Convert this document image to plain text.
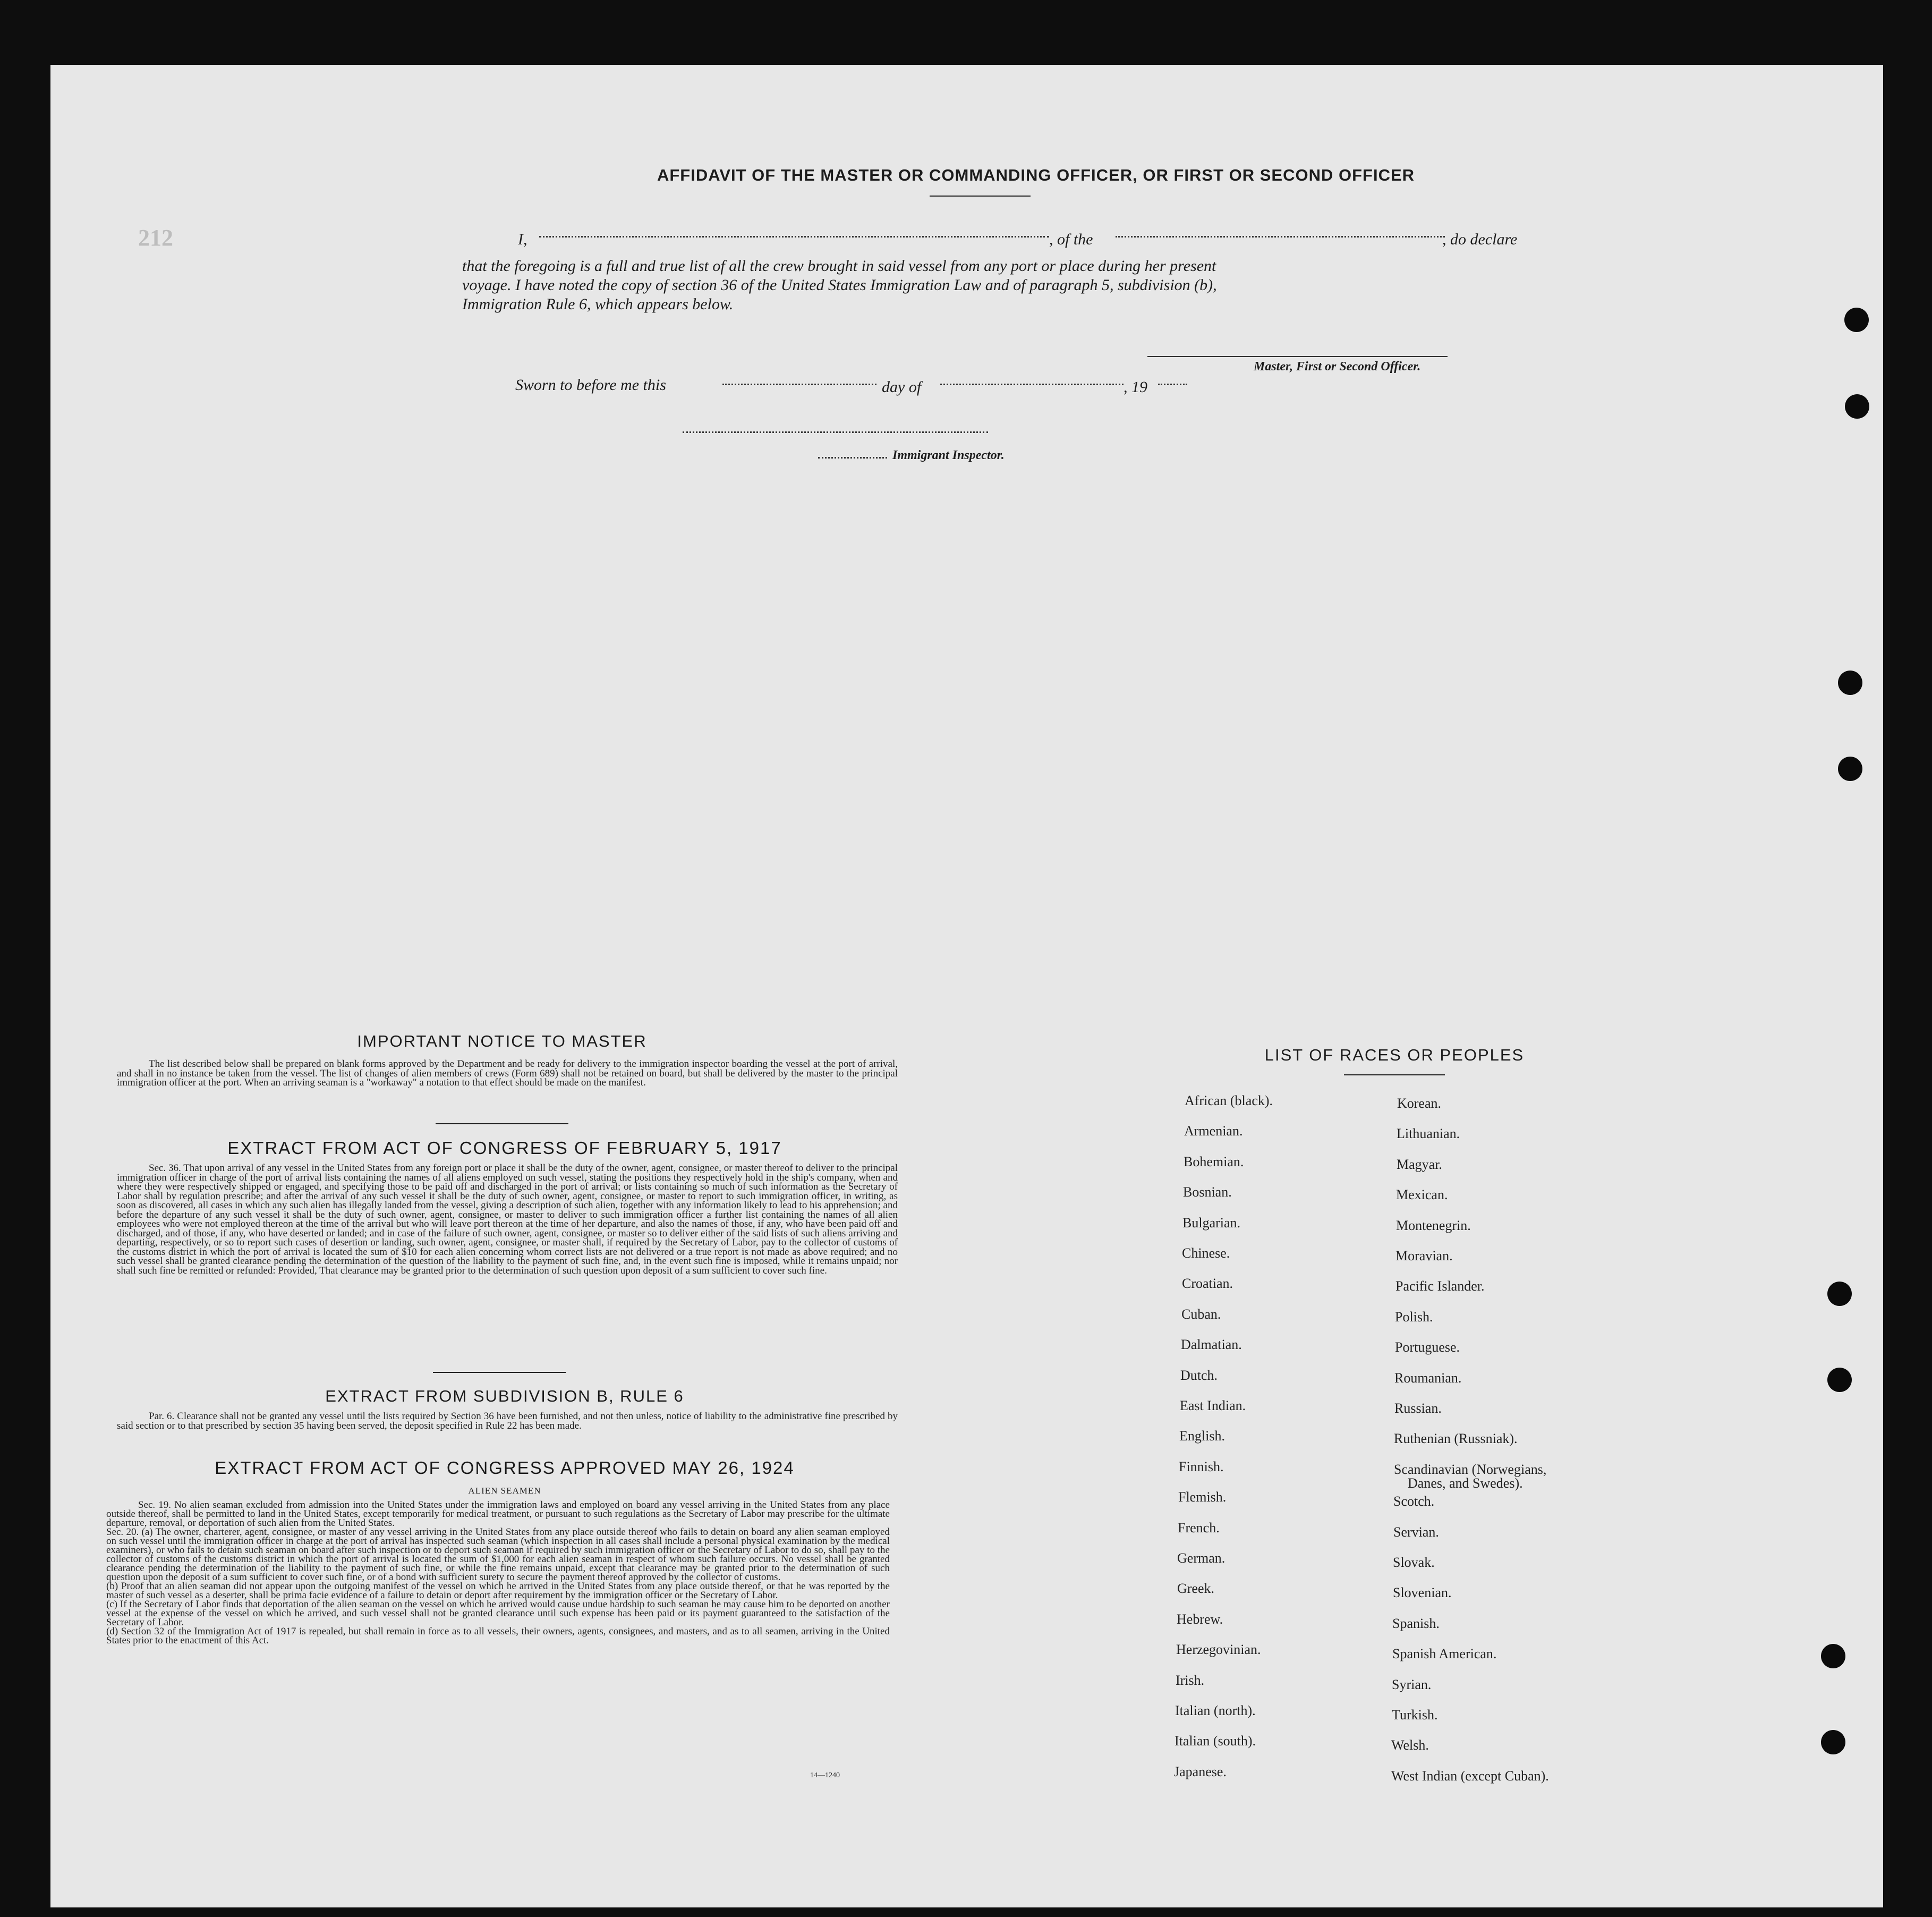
212
AFFIDAVIT OF THE MASTER OR COMMANDING OFFICER, OR FIRST OR SECOND OFFICER
I,	, of the	, do declare
that the foregoing is a full and true list of all the crew brought in said vessel from any port or place during her present
voyage. I have noted the copy of section 36 of the United States Immigration Law and of paragraph 5, subdivision (b),
Immigration Rule 6, which appears below.
Master, First or Second Officer.
Sworn to before me this	day of	, 19
Immigrant Inspector.
IMPORTANT NOTICE TO MASTER
The list described below shall be prepared on blank forms approved by the Department and be ready for delivery to the immigration inspector boarding the vessel at the port of arrival, and shall in no instance be taken from the vessel. The list of changes of alien members of crews (Form 689) shall not be retained on board, but shall be delivered by the master to the principal immigration officer at the port. When an arriving seaman is a "workaway" a notation to that effect should be made on the manifest.
EXTRACT FROM ACT OF CONGRESS OF FEBRUARY 5, 1917
Sec. 36. That upon arrival of any vessel in the United States from any foreign port or place it shall be the duty of the owner, agent, consignee, or master thereof to deliver to the principal immigration officer in charge of the port of arrival lists containing the names of all aliens employed on such vessel, stating the positions they respectively hold in the ship's company, when and where they were respectively shipped or engaged, and specifying those to be paid off and discharged in the port of arrival; or lists containing so much of such information as the Secretary of Labor shall by regulation prescribe; and after the arrival of any such vessel it shall be the duty of such owner, agent, consignee, or master to report to such immigration officer, in writing, as soon as discovered, all cases in which any such alien has illegally landed from the vessel, giving a description of such alien, together with any information likely to lead to his apprehension; and before the departure of any such vessel it shall be the duty of such owner, agent, consignee, or master to deliver to such immigration officer a further list containing the names of all alien employees who were not employed thereon at the time of the arrival but who will leave port thereon at the time of her departure, and also the names of those, if any, who have been paid off and discharged, and of those, if any, who have deserted or landed; and in case of the failure of such owner, agent, consignee, or master so to deliver either of the said lists of such aliens arriving and departing, respectively, or so to report such cases of desertion or landing, such owner, agent, consignee, or master shall, if required by the Secretary of Labor, pay to the collector of customs of the customs district in which the port of arrival is located the sum of $10 for each alien concerning whom correct lists are not delivered or a true report is not made as above required; and no such vessel shall be granted clearance pending the determination of the question of the liability to the payment of such fine, and, in the event such fine is imposed, while it remains unpaid; nor shall such fine be remitted or refunded: Provided, That clearance may be granted prior to the determination of such question upon deposit of a sum sufficient to cover such fine.
EXTRACT FROM SUBDIVISION B, RULE 6
Par. 6. Clearance shall not be granted any vessel until the lists required by Section 36 have been furnished, and not then unless, notice of liability to the administrative fine prescribed by said section or to that prescribed by section 35 having been served, the deposit specified in Rule 22 has been made.
EXTRACT FROM ACT OF CONGRESS APPROVED MAY 26, 1924
ALIEN SEAMEN
Sec. 19. No alien seaman excluded from admission into the United States under the immigration laws and employed on board any vessel arriving in the United States from any place outside thereof, shall be permitted to land in the United States, except temporarily for medical treatment, or pursuant to such regulations as the Secretary of Labor may prescribe for the ultimate departure, removal, or deportation of such alien from the United States.
Sec. 20. (a) The owner, charterer, agent, consignee, or master of any vessel arriving in the United States from any place outside thereof who fails to detain on board any alien seaman employed on such vessel until the immigration officer in charge at the port of arrival has inspected such seaman (which inspection in all cases shall include a personal physical examination by the medical examiners), or who fails to detain such seaman on board after such inspection or to deport such seaman if required by such immigration officer or the Secretary of Labor to do so, shall pay to the collector of customs of the customs district in which the port of arrival is located the sum of $1,000 for each alien seaman in respect of whom such failure occurs. No vessel shall be granted clearance pending the determination of the liability to the payment of such fine, or while the fine remains unpaid, except that clearance may be granted prior to the determination of such question upon the deposit of a sum sufficient to cover such fine, or of a bond with sufficient surety to secure the payment thereof approved by the collector of customs.
(b) Proof that an alien seaman did not appear upon the outgoing manifest of the vessel on which he arrived in the United States from any place outside thereof, or that he was reported by the master of such vessel as a deserter, shall be prima facie evidence of a failure to detain or deport after requirement by the immigration officer or the Secretary of Labor.
(c) If the Secretary of Labor finds that deportation of the alien seaman on the vessel on which he arrived would cause undue hardship to such seaman he may cause him to be deported on another vessel at the expense of the vessel on which he arrived, and such vessel shall not be granted clearance until such expense has been paid or its payment guaranteed to the satisfaction of the Secretary of Labor.
(d) Section 32 of the Immigration Act of 1917 is repealed, but shall remain in force as to all vessels, their owners, agents, consignees, and masters, and as to all seamen, arriving in the United States prior to the enactment of this Act.
14—1240
LIST OF RACES OR PEOPLES
African (black).
Armenian.
Bohemian.
Bosnian.
Bulgarian.
Chinese.
Croatian.
Cuban.
Dalmatian.
Dutch.
East Indian.
English.
Finnish.
Flemish.
French.
German.
Greek.
Hebrew.
Herzegovinian.
Irish.
Italian (north).
Italian (south).
Japanese.
Korean.
Lithuanian.
Magyar.
Mexican.
Montenegrin.
Moravian.
Pacific Islander.
Polish.
Portuguese.
Roumanian.
Russian.
Ruthenian (Russniak).
Scandinavian (Norwegians,
Scotch.
Servian.
Slovak.
Slovenian.
Spanish.
Spanish American.
Syrian.
Turkish.
Welsh.
West Indian (except Cuban).
Danes, and Swedes).
